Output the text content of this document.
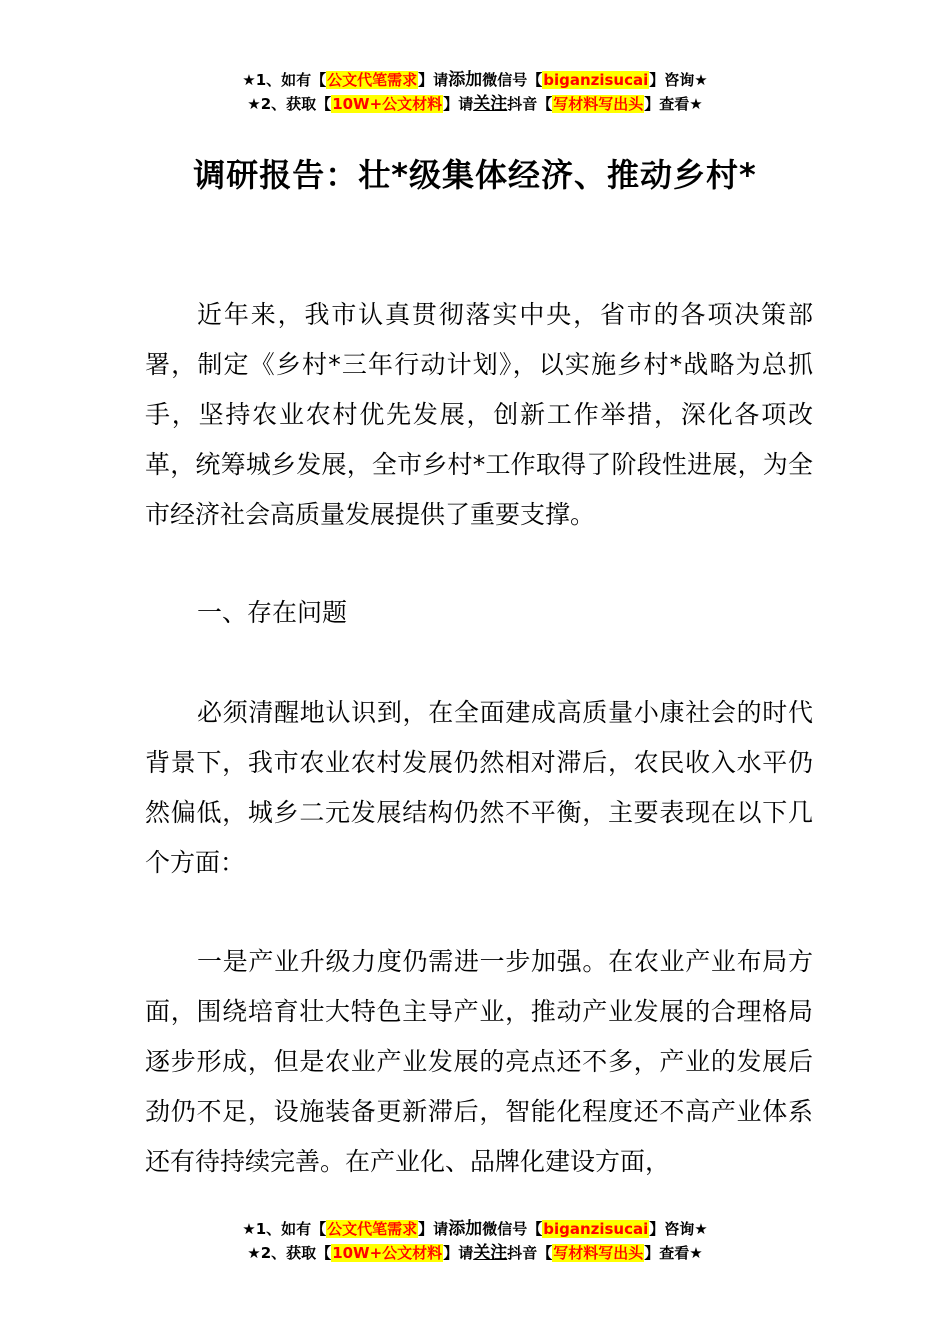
★1、如有【公文代笔需求】请添加微信号【biganzisucai】咨询★
★2、获取【10W+公文材料】请关注抖音【写材料写出头】查看★
调研报告：壮*级集体经济、推动乡村*

近年来，我市认真贯彻落实中央，省市的各项决策部署，制定《乡村*三年行动计划》，以实施乡村*战略为总抓手，坚持农业农村优先发展，创新工作举措，深化各项改革，统筹城乡发展，全市乡村*工作取得了阶段性进展，为全市经济社会高质量发展提供了重要支撑。

一、存在问题

必须清醒地认识到，在全面建成高质量小康社会的时代背景下，我市农业农村发展仍然相对滞后，农民收入水平仍然偏低，城乡二元发展结构仍然不平衡，主要表现在以下几个方面：

一是产业升级力度仍需进一步加强。在农业产业布局方面，围绕培育壮大特色主导产业，推动产业发展的合理格局逐步形成，但是农业产业发展的亮点还不多，产业的发展后劲仍不足，设施装备更新滞后，智能化程度还不高产业体系还有待持续完善。在产业化、品牌化建设方面，

★1、如有【公文代笔需求】请添加微信号【biganzisucai】咨询★
★2、获取【10W+公文材料】请关注抖音【写材料写出头】查看★
